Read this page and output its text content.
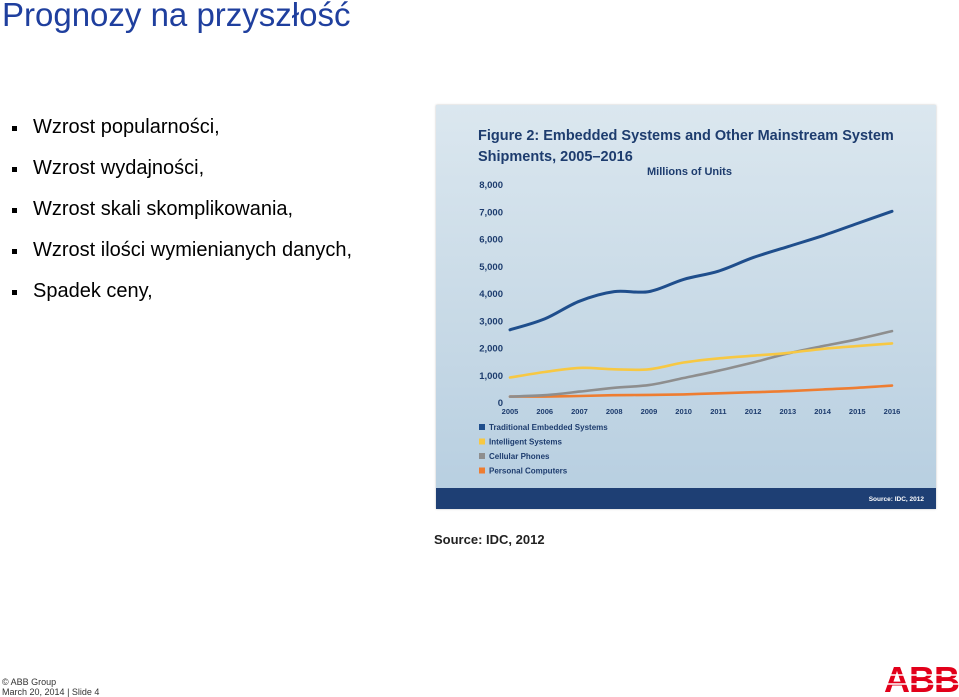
Prognozy na przyszłość
Wzrost popularności,
Wzrost wydajności,
Wzrost skali skomplikowania,
Wzrost ilości wymienianych danych,
Spadek ceny,
Figure 2: Embedded Systems and Other Mainstream System
Shipments, 2005–2016
Millions of Units
0
1,000
2,000
3,000
4,000
5,000
6,000
7,000
8,000
2005 2006 2007 2008 2009 2010 2011 2012 2013 2014 2015 2016
Traditional Embedded Systems
Intelligent Systems
Cellular Phones
Personal Computers
Source: IDC, 2012
Source: IDC, 2012
© ABB Group
March 20, 2014 | Slide 4	ABB
